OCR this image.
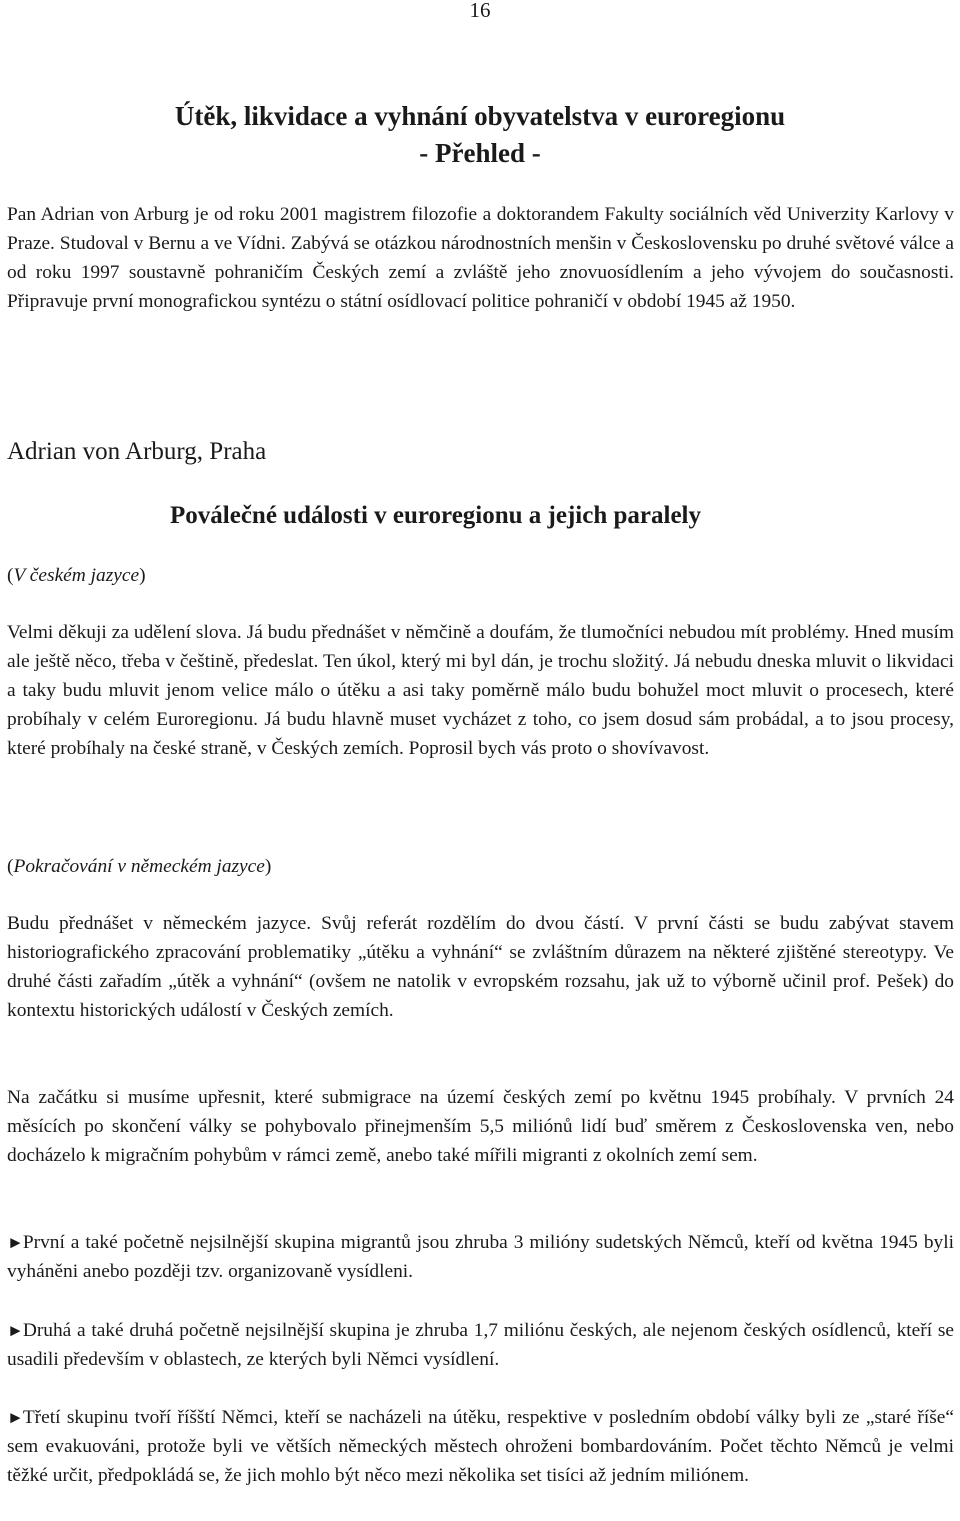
16
Útěk, likvidace a vyhnání obyvatelstva v euroregionu
- Přehled -

Pan Adrian von Arburg je od roku 2001 magistrem filozofie a doktorandem Fakulty sociálních věd Univerzity Karlovy v Praze. Studoval v Bernu a ve Vídni. Zabývá se otázkou národnostních menšin v Československu po druhé světové válce a od roku 1997 soustavně pohraničím Českých zemí a zvláště jeho znovuosídlením a jeho vývojem do současnosti. Připravuje první monografickou syntézu o státní osídlovací politice pohraničí v období 1945 až 1950.

Adrian von Arburg, Praha
Poválečné události v euroregionu a jejich paralely
(V českém jazyce)

Velmi děkuji za udělení slova. Já budu přednášet v němčině a doufám, že tlumočníci nebudou mít problémy. Hned musím ale ještě něco, třeba v češtině, předeslat. Ten úkol, který mi byl dán, je trochu složitý. Já nebudu dneska mluvit o likvidaci a taky budu mluvit jenom velice málo o útěku a asi taky poměrně málo budu bohužel moct mluvit o procesech, které probíhaly v celém Euroregionu. Já budu hlavně muset vycházet z toho, co jsem dosud sám probádal, a to jsou procesy, které probíhaly na české straně, v Českých zemích. Poprosil bych vás proto o shovívavost.

(Pokračování v německém jazyce)

Budu přednášet v německém jazyce. Svůj referát rozdělím do dvou částí. V první části se budu zabývat stavem historiografického zpracování problematiky „útěku a vyhnání“ se zvláštním důrazem na některé zjištěné stereotypy. Ve druhé části zařadím „útěk a vyhnání“ (ovšem ne natolik v evropském rozsahu, jak už to výborně učinil prof. Pešek) do kontextu historických událostí v Českých zemích.

Na začátku si musíme upřesnit, které submigrace na území českých zemí po květnu 1945 probíhaly. V prvních 24 měsících po skončení války se pohybovalo přinejmenším 5,5 miliónů lidí buď směrem z Československa ven, nebo docházelo k migračním pohybům v rámci země, anebo také mířili migranti z okolních zemí sem.

►První a také početně nejsilnější skupina migrantů jsou zhruba 3 milióny sudetských Němců, kteří od května 1945 byli vyháněni anebo později tzv. organizovaně vysídleni.

►Druhá a také druhá početně nejsilnější skupina je zhruba 1,7 miliónu českých, ale nejenom českých osídlenců, kteří se usadili především v oblastech, ze kterých byli Němci vysídlení.

►Třetí skupinu tvoří říšští Němci, kteří se nacházeli na útěku, respektive v posledním období války byli ze „staré říše“ sem evakuováni, protože byli ve větších německých městech ohroženi bombardováním. Počet těchto Němců je velmi těžké určit, předpokládá se, že jich mohlo být něco mezi několika set tisíci až jedním miliónem.
